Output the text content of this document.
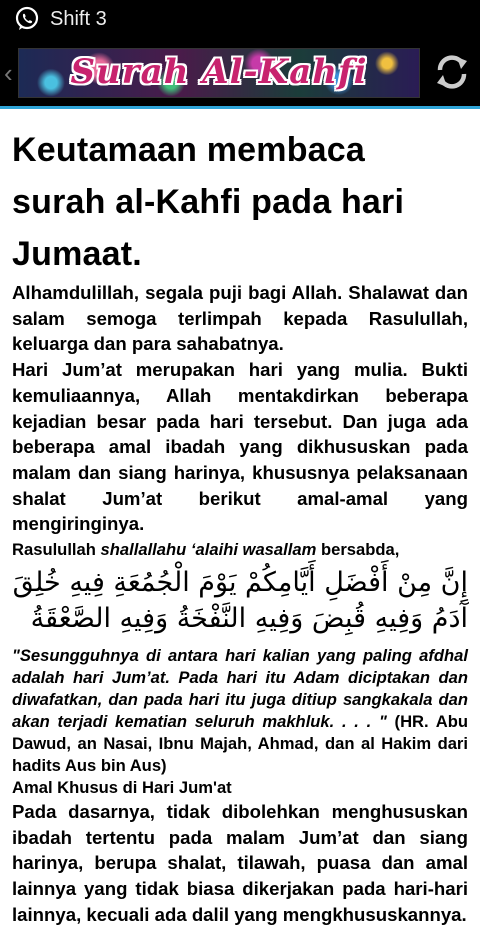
Shift 3
‹	Surah Al-Kahfi
Keutamaan membaca surah al-Kahfi pada hari Jumaat.

Alhamdulillah, segala puji bagi Allah. Shalawat dan salam semoga terlimpah kepada Rasulullah, keluarga dan para sahabatnya.

Hari Jum’at merupakan hari yang mulia. Bukti kemuliaannya, Allah mentakdirkan beberapa kejadian besar pada hari tersebut. Dan juga ada beberapa amal ibadah yang dikhususkan pada malam dan siang harinya, khususnya pelaksanaan shalat Jum’at berikut amal-amal yang mengiringinya.

Rasulullah shallallahu ‘alaihi wasallam bersabda,

إِنَّ مِنْ أَفْضَلِ أَيَّامِكُمْ يَوْمَ الْجُمُعَةِ فِيهِ خُلِقَ آدَمُ وَفِيهِ قُبِضَ وَفِيهِ النَّفْخَةُ وَفِيهِ الصَّعْقَةُ

"Sesungguhnya di antara hari kalian yang paling afdhal adalah hari Jum’at. Pada hari itu Adam diciptakan dan diwafatkan, dan pada hari itu juga ditiup sangkakala dan akan terjadi kematian seluruh makhluk. . . . " (HR. Abu Dawud, an Nasai, Ibnu Majah, Ahmad, dan al Hakim dari hadits Aus bin Aus)

Amal Khusus di Hari Jum'at

Pada dasarnya, tidak dibolehkan menghususkan ibadah tertentu pada malam Jum’at dan siang harinya, berupa shalat, tilawah, puasa dan amal lainnya yang tidak biasa dikerjakan pada hari-hari lainnya, kecuali ada dalil yang mengkhususkannya.
